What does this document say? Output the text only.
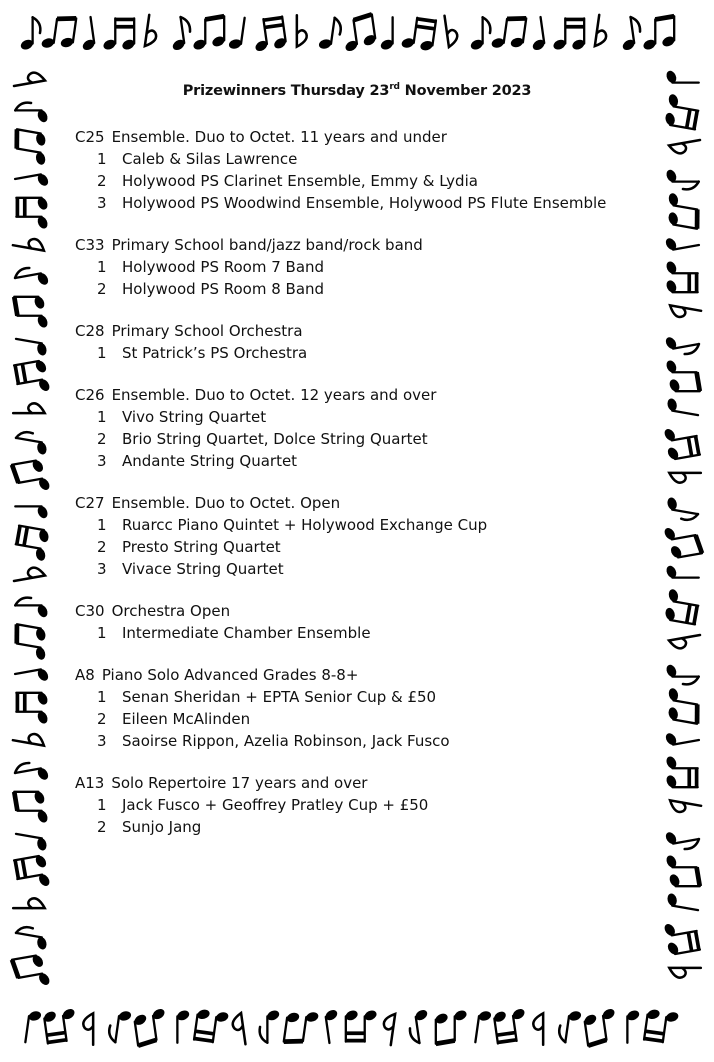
Prizewinners Thursday 23rd November 2023
C25 Ensemble. Duo to Octet. 11 years and under
1 Caleb & Silas Lawrence
2 Holywood PS Clarinet Ensemble, Emmy & Lydia
3 Holywood PS Woodwind Ensemble, Holywood PS Flute Ensemble
C33 Primary School band/jazz band/rock band
1 Holywood PS Room 7 Band
2 Holywood PS Room 8 Band
C28 Primary School Orchestra
1 St Patrick’s PS Orchestra
C26 Ensemble. Duo to Octet. 12 years and over
1 Vivo String Quartet
2 Brio String Quartet, Dolce String Quartet
3 Andante String Quartet
C27 Ensemble. Duo to Octet. Open
1 Ruarcc Piano Quintet + Holywood Exchange Cup
2 Presto String Quartet
3 Vivace String Quartet
C30 Orchestra Open
1 Intermediate Chamber Ensemble
A8 Piano Solo Advanced Grades 8-8+
1 Senan Sheridan + EPTA Senior Cup & £50
2 Eileen McAlinden
3 Saoirse Rippon, Azelia Robinson, Jack Fusco
A13 Solo Repertoire 17 years and over
1 Jack Fusco + Geoffrey Pratley Cup + £50
2 Sunjo Jang
